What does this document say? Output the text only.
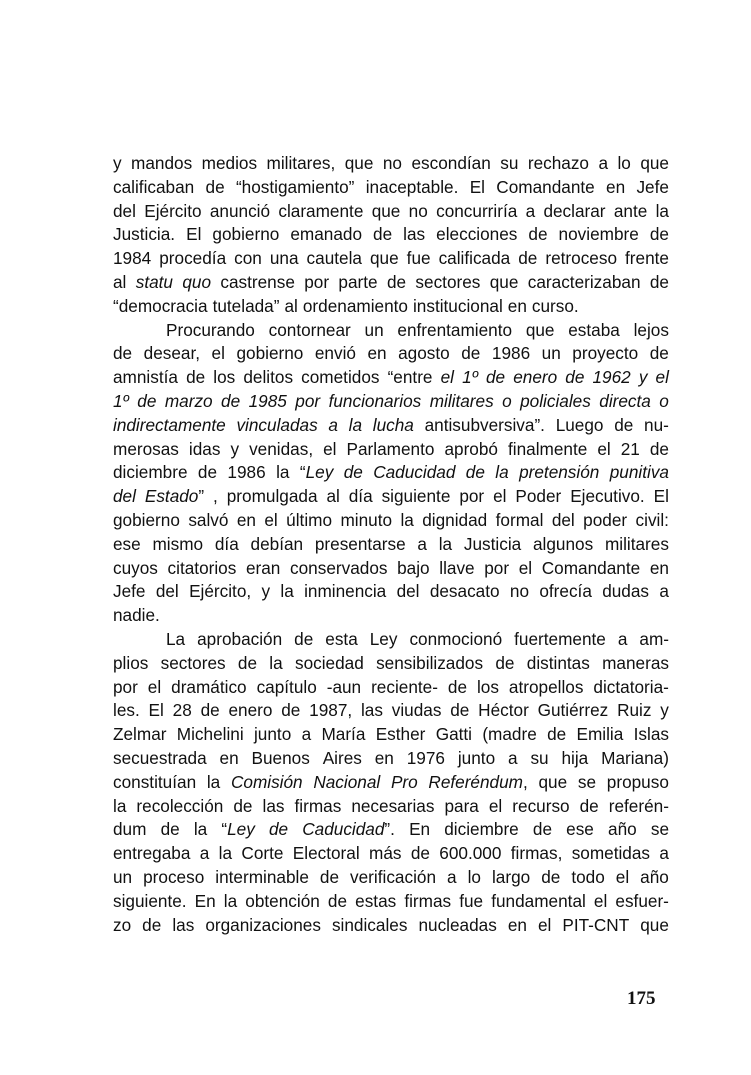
y mandos medios militares, que no escondían su rechazo a lo que
calificaban de “hostigamiento” inaceptable. El Comandante en Jefe
del Ejército anunció claramente que no concurriría a declarar ante la
Justicia. El gobierno emanado de las elecciones de noviembre de
1984 procedía con una cautela que fue calificada de retroceso frente
al statu quo castrense por parte de sectores que caracterizaban de
“democracia tutelada” al ordenamiento institucional en curso.
Procurando contornear un enfrentamiento que estaba lejos
de desear, el gobierno envió en agosto de 1986 un proyecto de
amnistía de los delitos cometidos “entre el 1º de enero de 1962 y el
1º de marzo de 1985 por funcionarios militares o policiales directa o
indirectamente vinculadas a la lucha antisubversiva”. Luego de nu-
merosas idas y venidas, el Parlamento aprobó finalmente el 21 de
diciembre de 1986 la “Ley de Caducidad de la pretensión punitiva
del Estado” , promulgada al día siguiente por el Poder Ejecutivo. El
gobierno salvó en el último minuto la dignidad formal del poder civil:
ese mismo día debían presentarse a la Justicia algunos militares
cuyos citatorios eran conservados bajo llave por el Comandante en
Jefe del Ejército, y la inminencia del desacato no ofrecía dudas a
nadie.
La aprobación de esta Ley conmocionó fuertemente a am-
plios sectores de la sociedad sensibilizados de distintas maneras
por el dramático capítulo -aun reciente- de los atropellos dictatoria-
les. El 28 de enero de 1987, las viudas de Héctor Gutiérrez Ruiz y
Zelmar Michelini junto a María Esther Gatti (madre de Emilia Islas
secuestrada en Buenos Aires en 1976 junto a su hija Mariana)
constituían la Comisión Nacional Pro Referéndum, que se propuso
la recolección de las firmas necesarias para el recurso de referén-
dum de la “Ley de Caducidad”. En diciembre de ese año se
entregaba a la Corte Electoral más de 600.000 firmas, sometidas a
un proceso interminable de verificación a lo largo de todo el año
siguiente. En la obtención de estas firmas fue fundamental el esfuer-
zo de las organizaciones sindicales nucleadas en el PIT-CNT que
175
